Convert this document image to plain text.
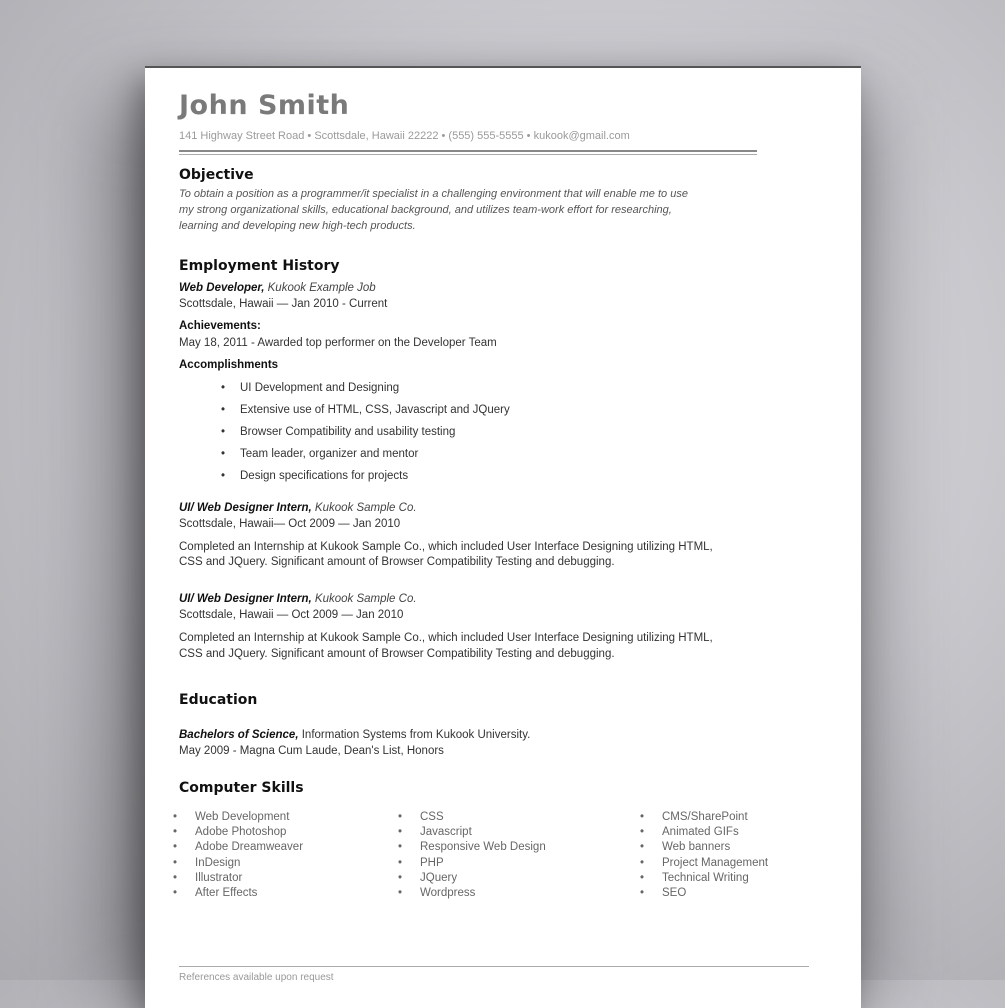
John Smith
141 Highway Street Road • Scottsdale, Hawaii 22222 • (555) 555-5555 • kukook@gmail.com
Objective
To obtain a position as a programmer/it specialist in a challenging environment that will enable me to use
my strong organizational skills, educational background, and utilizes team-work effort for researching,
learning and developing new high-tech products.
Employment History
Web Developer, Kukook Example Job
Scottsdale, Hawaii — Jan 2010 - Current
Achievements:
May 18, 2011 - Awarded top performer on the Developer Team
Accomplishments
• UI Development and Designing
• Extensive use of HTML, CSS, Javascript and JQuery
• Browser Compatibility and usability testing
• Team leader, organizer and mentor
• Design specifications for projects
UI/ Web Designer Intern, Kukook Sample Co.
Scottsdale, Hawaii— Oct 2009 — Jan 2010
Completed an Internship at Kukook Sample Co., which included User Interface Designing utilizing HTML,
CSS and JQuery. Significant amount of Browser Compatibility Testing and debugging.
UI/ Web Designer Intern, Kukook Sample Co.
Scottsdale, Hawaii — Oct 2009 — Jan 2010
Completed an Internship at Kukook Sample Co., which included User Interface Designing utilizing HTML,
CSS and JQuery. Significant amount of Browser Compatibility Testing and debugging.
Education
Bachelors of Science, Information Systems from Kukook University.
May 2009 - Magna Cum Laude, Dean's List, Honors
Computer Skills
• Web Development
• Adobe Photoshop
• Adobe Dreamweaver
• InDesign
• Illustrator
• After Effects
• CSS
• Javascript
• Responsive Web Design
• PHP
• JQuery
• Wordpress
• CMS/SharePoint
• Animated GIFs
• Web banners
• Project Management
• Technical Writing
• SEO
References available upon request
